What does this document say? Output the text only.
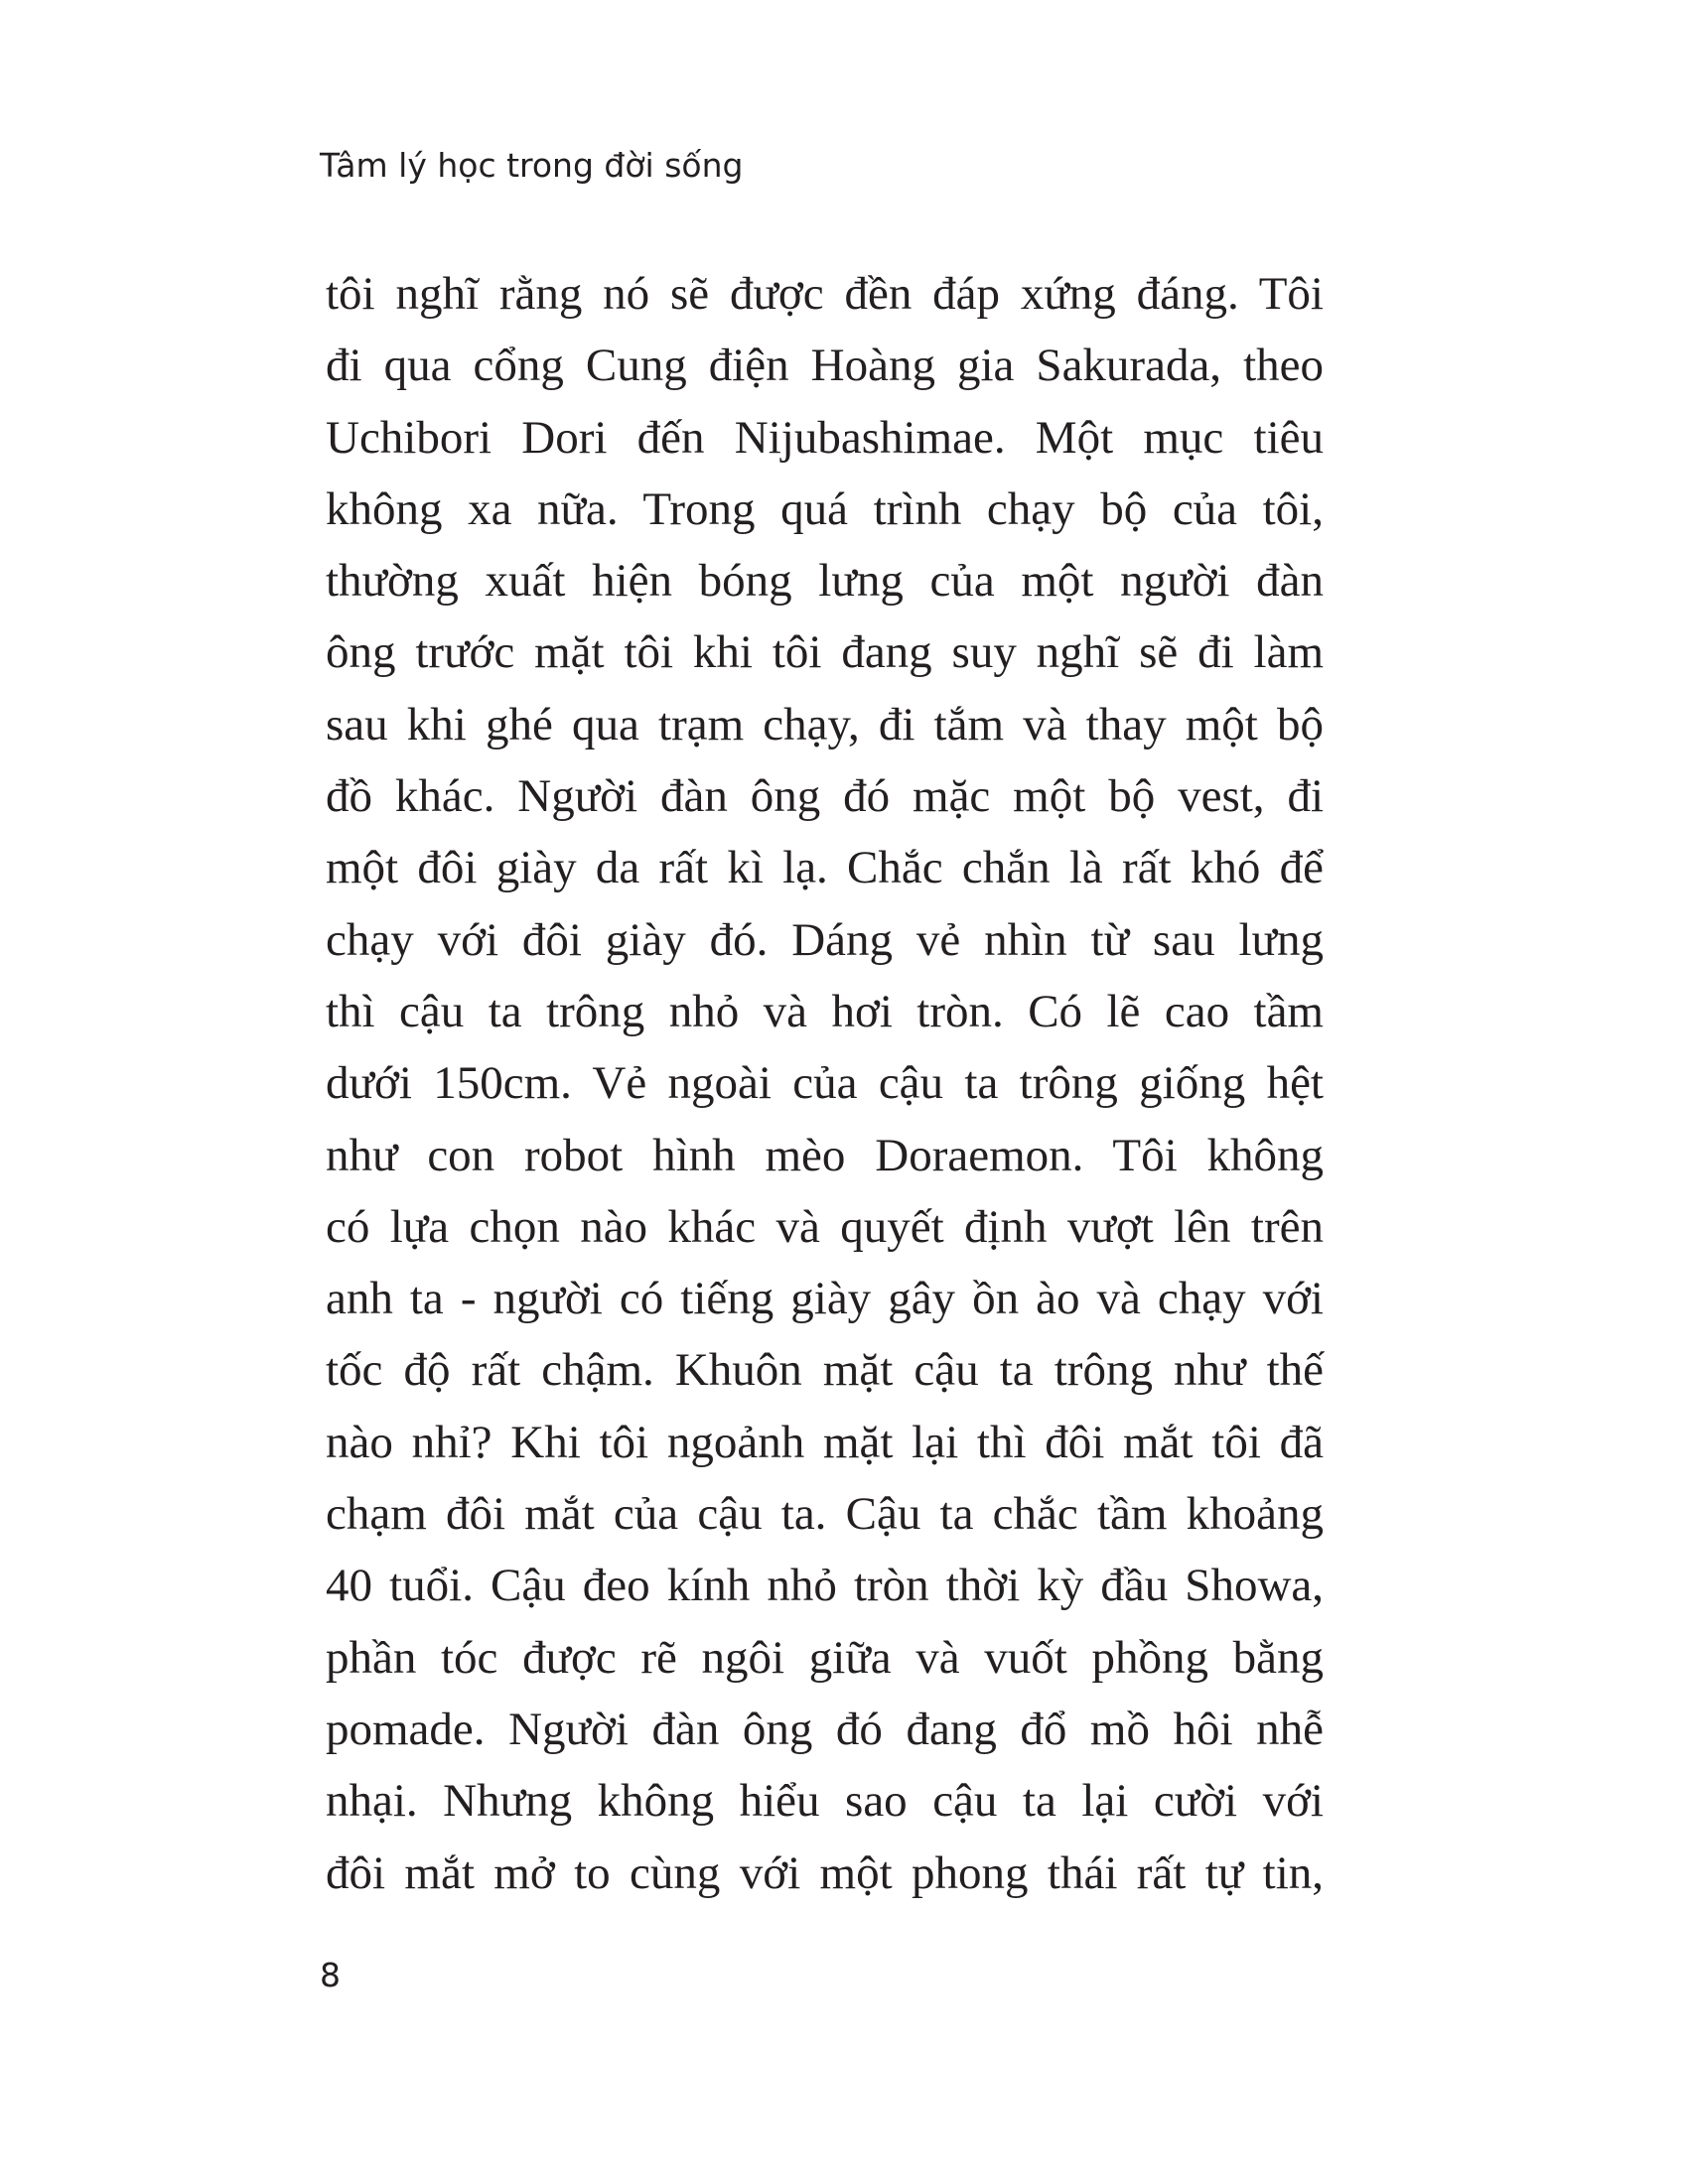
Tâm lý học trong đời sống
tôi nghĩ rằng nó sẽ được đền đáp xứng đáng. Tôi
đi qua cổng Cung điện Hoàng gia Sakurada, theo
Uchibori Dori đến Nijubashimae. Một mục tiêu
không xa nữa. Trong quá trình chạy bộ của tôi,
thường xuất hiện bóng lưng của một người đàn
ông trước mặt tôi khi tôi đang suy nghĩ sẽ đi làm
sau khi ghé qua trạm chạy, đi tắm và thay một bộ
đồ khác. Người đàn ông đó mặc một bộ vest, đi
một đôi giày da rất kì lạ. Chắc chắn là rất khó để
chạy với đôi giày đó. Dáng vẻ nhìn từ sau lưng
thì cậu ta trông nhỏ và hơi tròn. Có lẽ cao tầm
dưới 150cm. Vẻ ngoài của cậu ta trông giống hệt
như con robot hình mèo Doraemon. Tôi không
có lựa chọn nào khác và quyết định vượt lên trên
anh ta - người có tiếng giày gây ồn ào và chạy với
tốc độ rất chậm. Khuôn mặt cậu ta trông như thế
nào nhỉ? Khi tôi ngoảnh mặt lại thì đôi mắt tôi đã
chạm đôi mắt của cậu ta. Cậu ta chắc tầm khoảng
40 tuổi. Cậu đeo kính nhỏ tròn thời kỳ đầu Showa,
phần tóc được rẽ ngôi giữa và vuốt phồng bằng
pomade. Người đàn ông đó đang đổ mồ hôi nhễ
nhại. Nhưng không hiểu sao cậu ta lại cười với
đôi mắt mở to cùng với một phong thái rất tự tin,
8
